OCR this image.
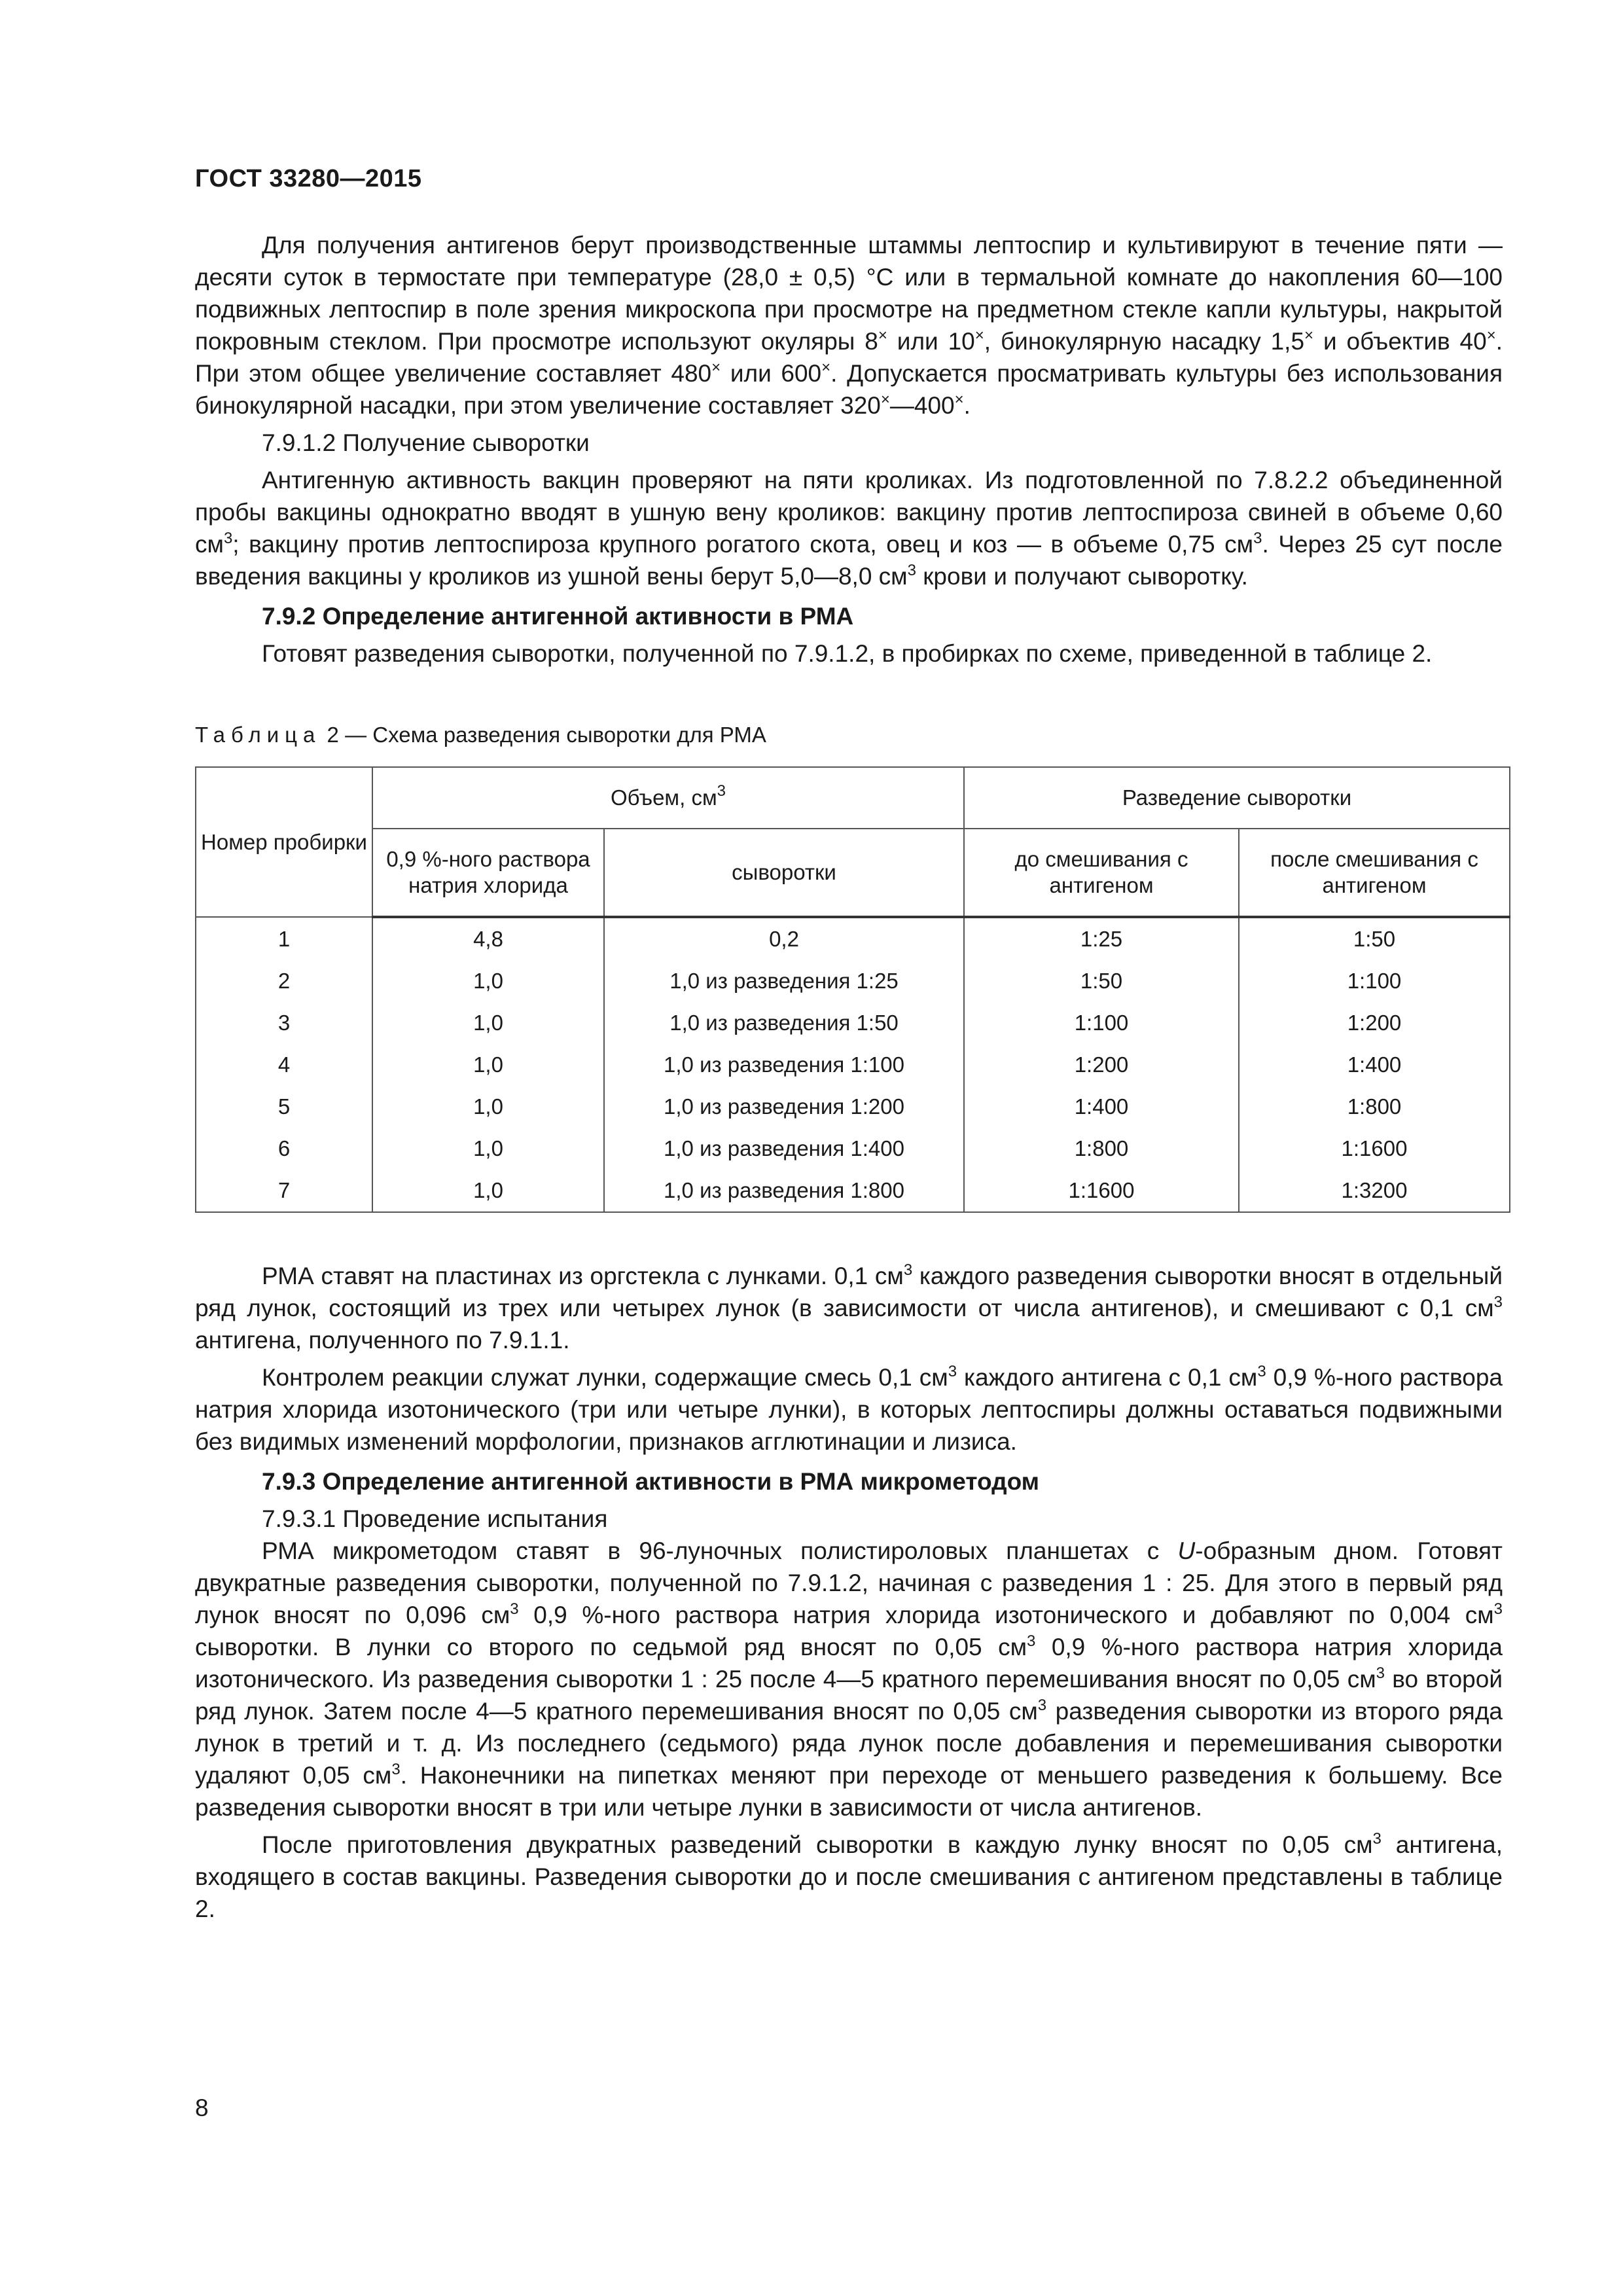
ГОСТ 33280—2015

Для получения антигенов берут производственные штаммы лептоспир и культивируют в течение пяти — десяти суток в термостате при температуре (28,0 ± 0,5) °С или в термальной комнате до накопления 60—100 подвижных лептоспир в поле зрения микроскопа при просмотре на предметном стекле капли культуры, накрытой покровным стеклом. При просмотре используют окуляры 8× или 10×, бинокулярную насадку 1,5× и объектив 40×. При этом общее увеличение составляет 480× или 600×. Допускается просматривать культуры без использования бинокулярной насадки, при этом увеличение составляет 320×—400×.

7.9.1.2 Получение сыворотки

Антигенную активность вакцин проверяют на пяти кроликах. Из подготовленной по 7.8.2.2 объединенной пробы вакцины однократно вводят в ушную вену кроликов: вакцину против лептоспироза свиней в объеме 0,60 $см^3$; вакцину против лептоспироза крупного рогатого скота, овец и коз — в объеме 0,75 $см^3$. Через 25 сут после введения вакцины у кроликов из ушной вены берут 5,0—8,0 $см^3$ крови и получают сыворотку.

7.9.2 Определение антигенной активности в РМА

Готовят разведения сыворотки, полученной по 7.9.1.2, в пробирках по схеме, приведенной в таблице 2.

Таблица 2 — Схема разведения сыворотки для РМА
Номер пробирки	Объем, $см^3$		Разведение сыворотки	
	0,9 %-ного раствора натрия хлорида	сыворотки	до смешивания с антигеном	после смешивания с антигеном
1	4,8	0,2	1:25	1:50
2	1,0	1,0 из разведения 1:25	1:50	1:100
3	1,0	1,0 из разведения 1:50	1:100	1:200
4	1,0	1,0 из разведения 1:100	1:200	1:400
5	1,0	1,0 из разведения 1:200	1:400	1:800
6	1,0	1,0 из разведения 1:400	1:800	1:1600
7	1,0	1,0 из разведения 1:800	1:1600	1:3200

РМА ставят на пластинах из оргстекла с лунками. 0,1 $см^3$ каждого разведения сыворотки вносят в отдельный ряд лунок, состоящий из трех или четырех лунок (в зависимости от числа антигенов), и смешивают с 0,1 $см^3$ антигена, полученного по 7.9.1.1.

Контролем реакции служат лунки, содержащие смесь 0,1 $см^3$ каждого антигена с 0,1 $см^3$ 0,9 %-ного раствора натрия хлорида изотонического (три или четыре лунки), в которых лептоспиры должны оставаться подвижными без видимых изменений морфологии, признаков агглютинации и лизиса.

7.9.3 Определение антигенной активности в РМА микрометодом
7.9.3.1 Проведение испытания

РМА микрометодом ставят в 96-луночных полистироловых планшетах с U-образным дном. Готовят двукратные разведения сыворотки, полученной по 7.9.1.2, начиная с разведения 1 : 25. Для этого в первый ряд лунок вносят по 0,096 $см^3$ 0,9 %-ного раствора натрия хлорида изотонического и добавляют по 0,004 $см^3$ сыворотки. В лунки со второго по седьмой ряд вносят по 0,05 $см^3$ 0,9 %-ного раствора натрия хлорида изотонического. Из разведения сыворотки 1 : 25 после 4—5 кратного перемешивания вносят по 0,05 $см^3$ во второй ряд лунок. Затем после 4—5 кратного перемешивания вносят по 0,05 $см^3$ разведения сыворотки из второго ряда лунок в третий и т. д. Из последнего (седьмого) ряда лунок после добавления и перемешивания сыворотки удаляют 0,05 $см^3$. Наконечники на пипетках меняют при переходе от меньшего разведения к большему. Все разведения сыворотки вносят в три или четыре лунки в зависимости от числа антигенов.

После приготовления двукратных разведений сыворотки в каждую лунку вносят по 0,05 $см^3$ антигена, входящего в состав вакцины. Разведения сыворотки до и после смешивания с антигеном представлены в таблице 2.

8
